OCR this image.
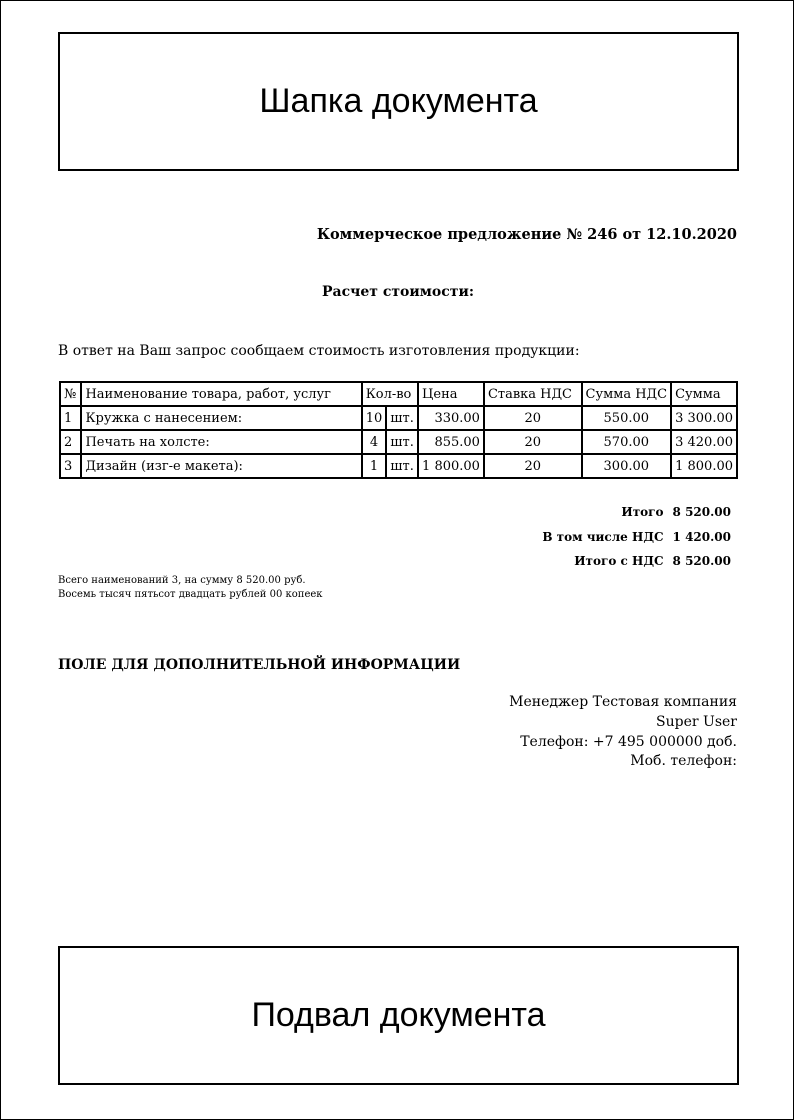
Шапка документа
Коммерческое предложение № 246 от 12.10.2020
Расчет стоимости:
В ответ на Ваш запрос сообщаем стоимость изготовления продукции:
№	Наименование товара, работ, услуг	Кол-во		Цена	Ставка НДС	Сумма НДС	Сумма
1	Кружка с нанесением:	10	шт.	330.00	20	550.00	3 300.00
2	Печать на холсте:	4	шт.	855.00	20	570.00	3 420.00
3	Дизайн (изг-е макета):	1	шт.	1 800.00	20	300.00	1 800.00
Итого 8 520.00
В том числе НДС 1 420.00
Итого с НДС 8 520.00
Всего наименований 3, на сумму 8 520.00 руб.
Восемь тысяч пятьсот двадцать рублей 00 копеек
ПОЛЕ ДЛЯ ДОПОЛНИТЕЛЬНОЙ ИНФОРМАЦИИ
Менеджер Тестовая компания
Super User
Телефон: +7 495 000000 доб.
Моб. телефон:
Подвал документа
